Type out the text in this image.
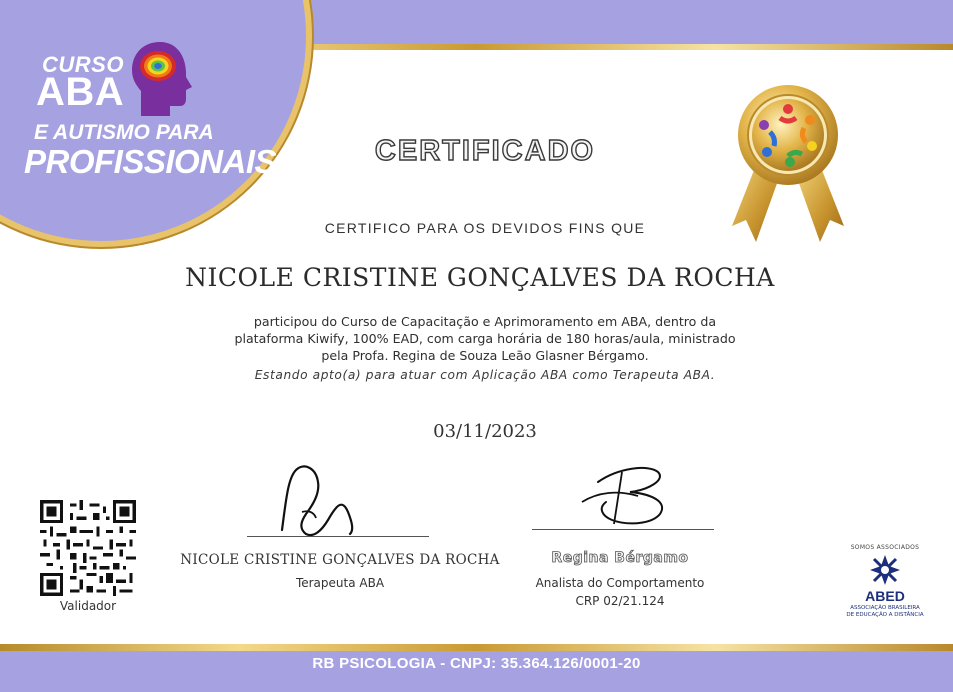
CURSO
ABA
E AUTISMO PARA
PROFISSIONAIS	CERTIFICADO
CERTIFICO PARA OS DEVIDOS FINS QUE
NICOLE CRISTINE GONÇALVES DA ROCHA
participou do Curso de Capacitação e Aprimoramento em ABA, dentro da
plataforma Kiwify, 100% EAD, com carga horária de 180 horas/aula, ministrado
pela Profa. Regina de Souza Leão Glasner Bérgamo.
Estando apto(a) para atuar com Aplicação ABA como Terapeuta ABA.
03/11/2023
NICOLE CRISTINE GONÇALVES DA ROCHA
Terapeuta ABA
Regina Bérgamo
Analista do Comportamento
CRP 02/21.124
Validador
SOMOS ASSOCIADOS
ABED
ASSOCIAÇÃO BRASILEIRA
DE EDUCAÇÃO A DISTÂNCIA
RB PSICOLOGIA - CNPJ: 35.364.126/0001-20
